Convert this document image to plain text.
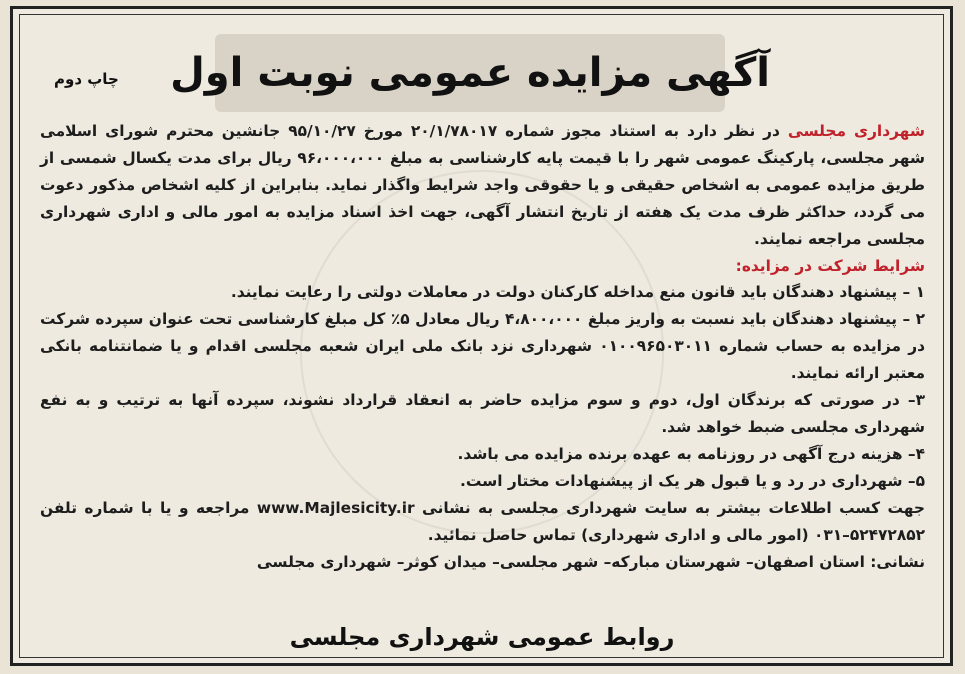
آگهی مزایده عمومی نوبت اول
چاپ دوم

شهرداری مجلسی در نظر دارد به استناد مجوز شماره ۲۰/۱/۷۸۰۱۷ مورخ ۹۵/۱۰/۲۷ جانشین محترم شورای اسلامی شهر مجلسی، پارکینگ عمومی شهر را با قیمت پایه کارشناسی به مبلغ ۹۶،۰۰۰،۰۰۰ ریال برای مدت یکسال شمسی از طریق مزایده عمومی به اشخاص حقیقی و یا حقوقی واجد شرایط واگذار نماید. بنابراین از کلیه اشخاص مذکور دعوت می گردد، حداکثر ظرف مدت یک هفته از تاریخ انتشار آگهی، جهت اخذ اسناد مزایده به امور مالی و اداری شهرداری مجلسی مراجعه نمایند.

شرایط شرکت در مزایده:

۱ – پیشنهاد دهندگان باید قانون منع مداخله کارکنان دولت در معاملات دولتی را رعایت نمایند.

۲ – پیشنهاد دهندگان باید نسبت به واریز مبلغ ۴،۸۰۰،۰۰۰ ریال معادل ۵٪ کل مبلغ کارشناسی تحت عنوان سپرده شرکت در مزایده به حساب شماره ۰۱۰۰۹۶۵۰۳۰۱۱ شهرداری نزد بانک ملی ایران شعبه مجلسی اقدام و یا ضمانتنامه بانکی معتبر ارائه نمایند.

۳– در صورتی که برندگان اول، دوم و سوم مزایده حاضر به انعقاد قرارداد نشوند، سپرده آنها به ترتیب و به نفع شهرداری مجلسی ضبط خواهد شد.

۴– هزینه درج آگهی در روزنامه به عهده برنده مزایده می باشد.

۵– شهرداری در رد و یا قبول هر یک از پیشنهادات مختار است.

جهت کسب اطلاعات بیشتر به سایت شهرداری مجلسی به نشانی www.Majlesicity.ir مراجعه و یا با شماره تلفن ۰۳۱–۵۲۴۷۲۸۵۲ (امور مالی و اداری شهرداری) تماس حاصل نمائید.

نشانی: استان اصفهان– شهرستان مبارکه– شهر مجلسی– میدان کوثر– شهرداری مجلسی

روابط عمومی شهرداری مجلسی
